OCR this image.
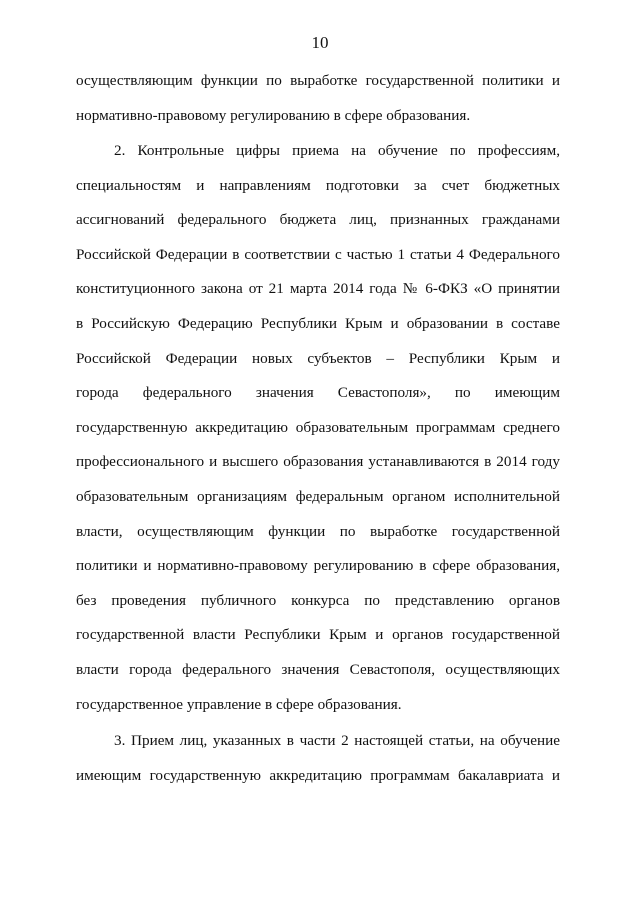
10
осуществляющим функции по выработке государственной политики и
нормативно-правовому регулированию в сфере образования.
2. Контрольные цифры приема на обучение по профессиям,
специальностям и направлениям подготовки за счет бюджетных
ассигнований федерального бюджета лиц, признанных гражданами
Российской Федерации в соответствии с частью 1 статьи 4 Федерального
конституционного закона от 21 марта 2014 года № 6-ФКЗ «О принятии
в Российскую Федерацию Республики Крым и образовании в составе
Российской Федерации новых субъектов – Республики Крым и
города федерального значения Севастополя», по имеющим
государственную аккредитацию образовательным программам среднего
профессионального и высшего образования устанавливаются в 2014 году
образовательным организациям федеральным органом исполнительной
власти, осуществляющим функции по выработке государственной
политики и нормативно-правовому регулированию в сфере образования,
без проведения публичного конкурса по представлению органов
государственной власти Республики Крым и органов государственной
власти города федерального значения Севастополя, осуществляющих
государственное управление в сфере образования.
3. Прием лиц, указанных в части 2 настоящей статьи, на обучение
имеющим государственную аккредитацию программам бакалавриата и
